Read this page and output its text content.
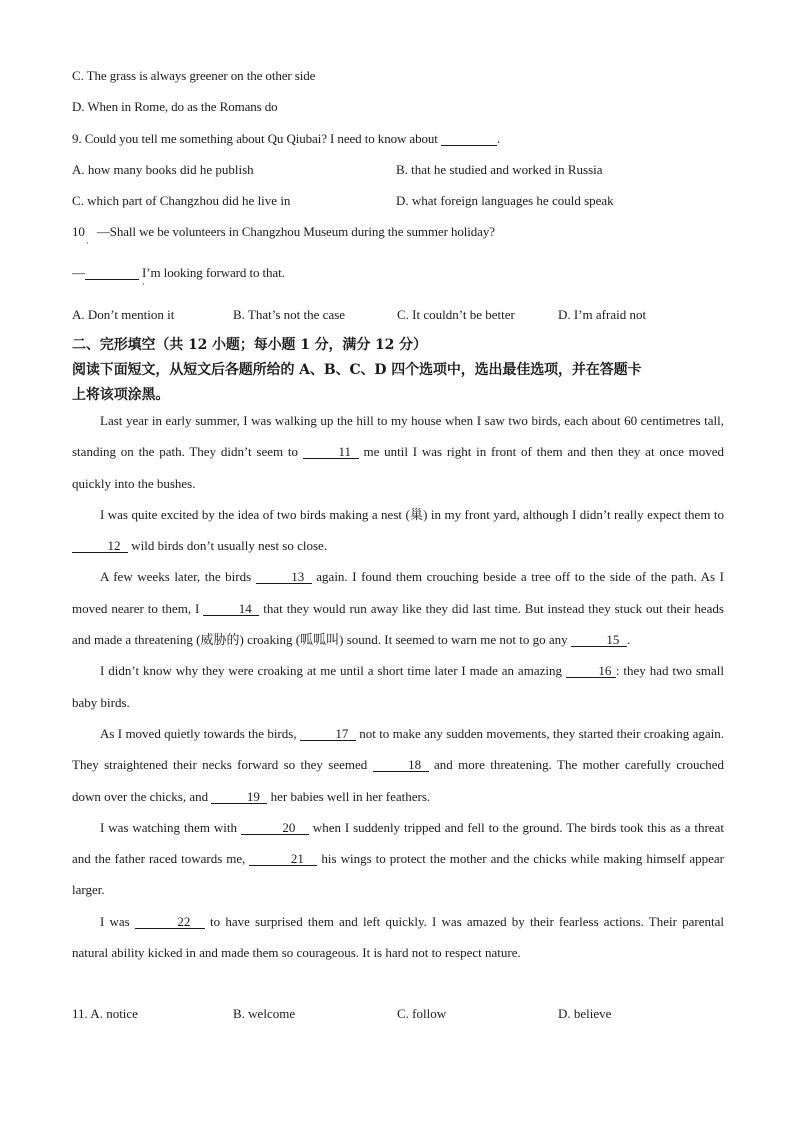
C. The grass is always greener on the other side
D. When in Rome, do as the Romans do
9. Could you tell me something about Qu Qiubai? I need to know about	.
A. how many books did he publish	B. that he studied and worked in Russia
C. which part of Changzhou did he live in	D. what foreign languages he could speak
10 —Shall we be volunteers in Changzhou Museum during the summer holiday?
·
—	I’m looking forward to that.
·
A. Don’t mention it	B. That’s not the case	C. It couldn’t be better	D. I’m afraid not
二、完形填空（共 12 小题；每小题 1 分，满分 12 分）
阅读下面短文，从短文后各题所给的 A、B、C、D 四个选项中，选出最佳选项，并在答题卡
上将该项涂黑。

Last year in early summer, I was walking up the hill to my house when I saw two birds, each about 60 centimetres tall, standing on the path. They didn’t seem to	11 me until I was right in front of them and then they at once moved quickly into the bushes.

I was quite excited by the idea of two birds making a nest (巢) in my front yard, although I didn’t really expect them to 12 wild birds don’t usually nest so close.

A few weeks later, the birds	13 again. I found them crouching beside a tree off to the side of the path. As I moved nearer to them, I	14 that they would run away like they did last time. But instead they stuck out their heads and made a threatening (威胁的) croaking (呱呱叫) sound. It seemed to warn me not to go any	15 .

I didn’t know why they were croaking at me until a short time later I made an amazing	16 : they had two small baby birds.

As I moved quietly towards the birds,	17 not to make any sudden movements, they started their croaking again. They straightened their necks forward so they seemed	18 and more threatening. The mother carefully crouched down over the chicks, and	19 her babies well in her feathers.

I was watching them with	20 when I suddenly tripped and fell to the ground. The birds took this as a threat and the father raced towards me,	21 his wings to protect the mother and the chicks while making himself appear larger.

I was	22 to have surprised them and left quickly. I was amazed by their fearless actions. Their parental natural ability kicked in and made them so courageous. It is hard not to respect nature.

11. A. notice	B. welcome	C. follow	D. believe
